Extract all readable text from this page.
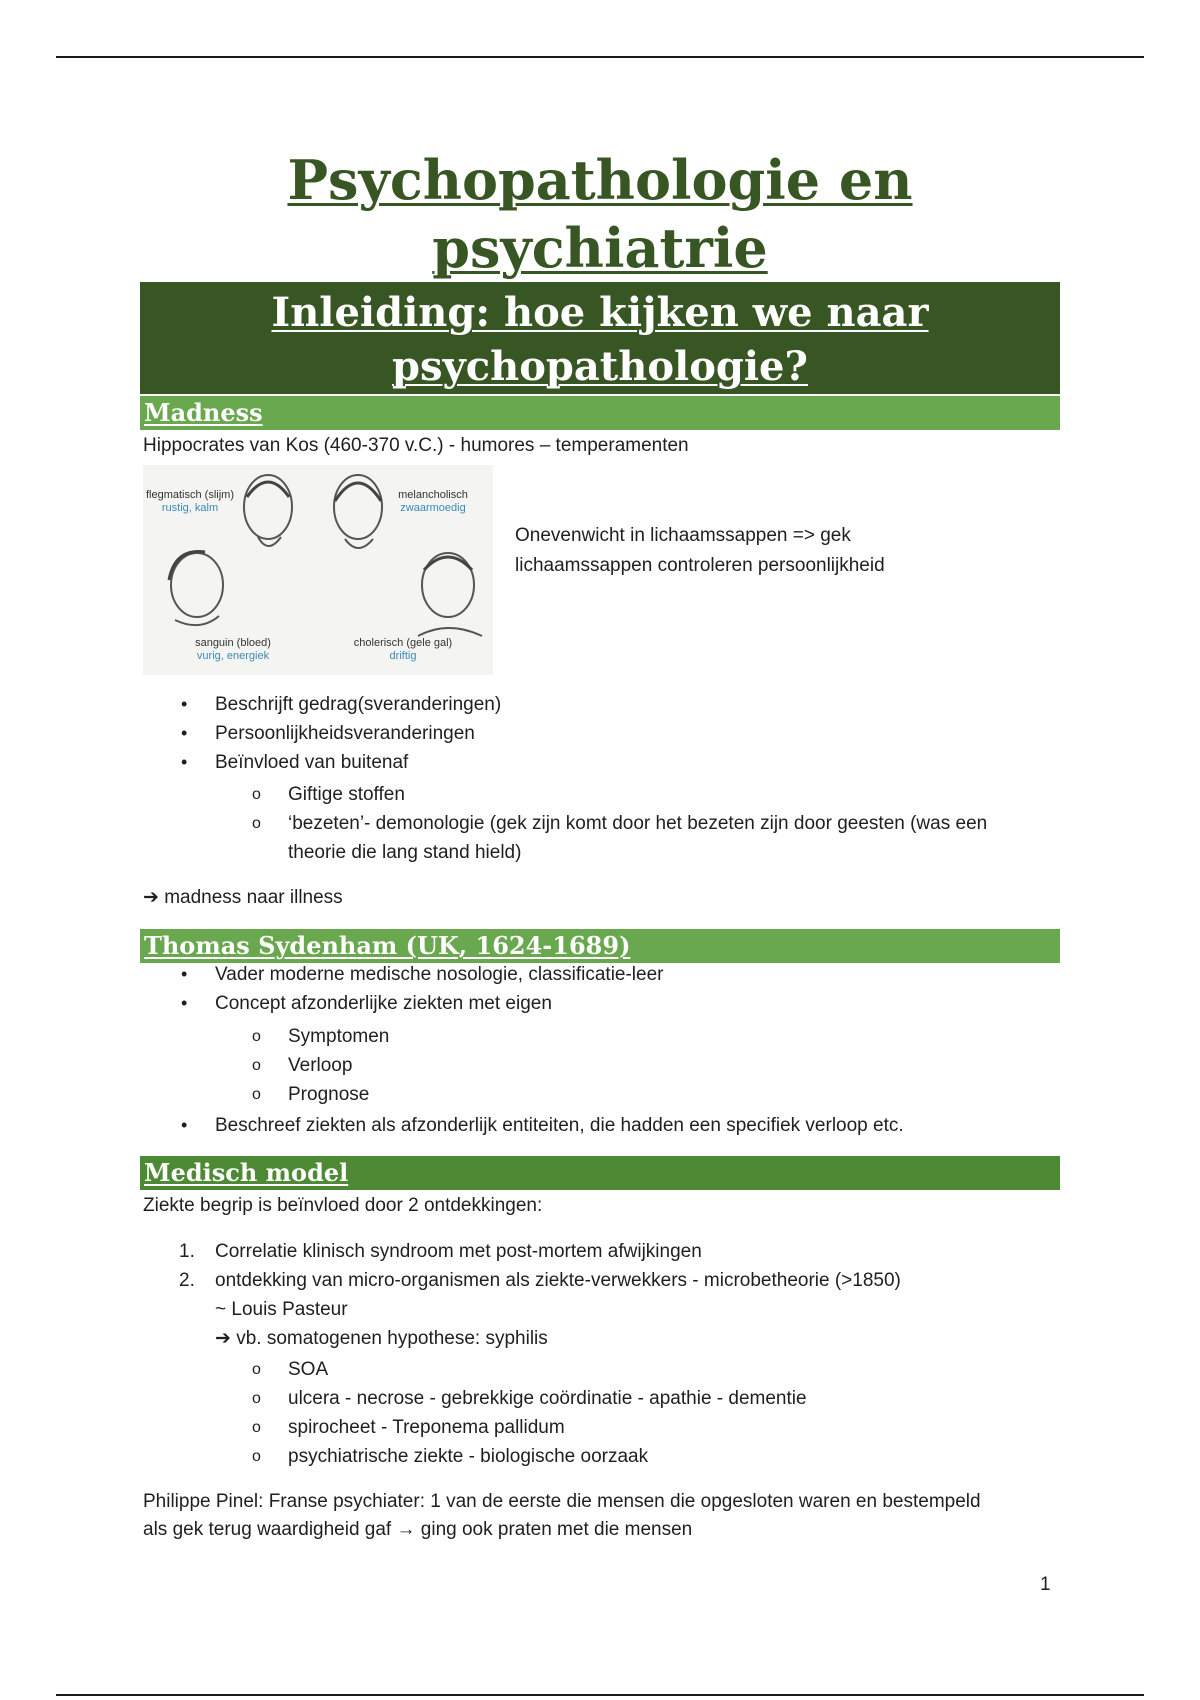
Psychopathologie en
psychiatrie
Inleiding: hoe kijken we naar
psychopathologie?
Madness
Hippocrates van Kos (460-370 v.C.) - humores – temperamenten
flegmatisch (slijm)
rustig, kalm
melancholisch
zwaarmoedig
sanguin (bloed)
vurig, energiek
cholerisch (gele gal)
driftig
Onevenwicht in lichaamssappen => gek
lichaamssappen controleren persoonlijkheid
• Beschrijft gedrag(sveranderingen)
• Persoonlijkheidsveranderingen
• Beïnvloed van buitenaf
o Giftige stoffen
o ‘bezeten’- demonologie (gek zijn komt door het bezeten zijn door geesten (was een
theorie die lang stand hield)
➔ madness naar illness
Thomas Sydenham (UK, 1624-1689)
• Vader moderne medische nosologie, classificatie-leer
• Concept afzonderlijke ziekten met eigen
o Symptomen
o Verloop
o Prognose
• Beschreef ziekten als afzonderlijk entiteiten, die hadden een specifiek verloop etc.
Medisch model
Ziekte begrip is beïnvloed door 2 ontdekkingen:
1. Correlatie klinisch syndroom met post-mortem afwijkingen
2. ontdekking van micro-organismen als ziekte-verwekkers - microbetheorie (>1850)
~ Louis Pasteur
➔ vb. somatogenen hypothese: syphilis
o SOA
o ulcera - necrose - gebrekkige coördinatie - apathie - dementie
o spirocheet - Treponema pallidum
o psychiatrische ziekte - biologische oorzaak
Philippe Pinel: Franse psychiater: 1 van de eerste die mensen die opgesloten waren en bestempeld
als gek terug waardigheid gaf → ging ook praten met die mensen
1
